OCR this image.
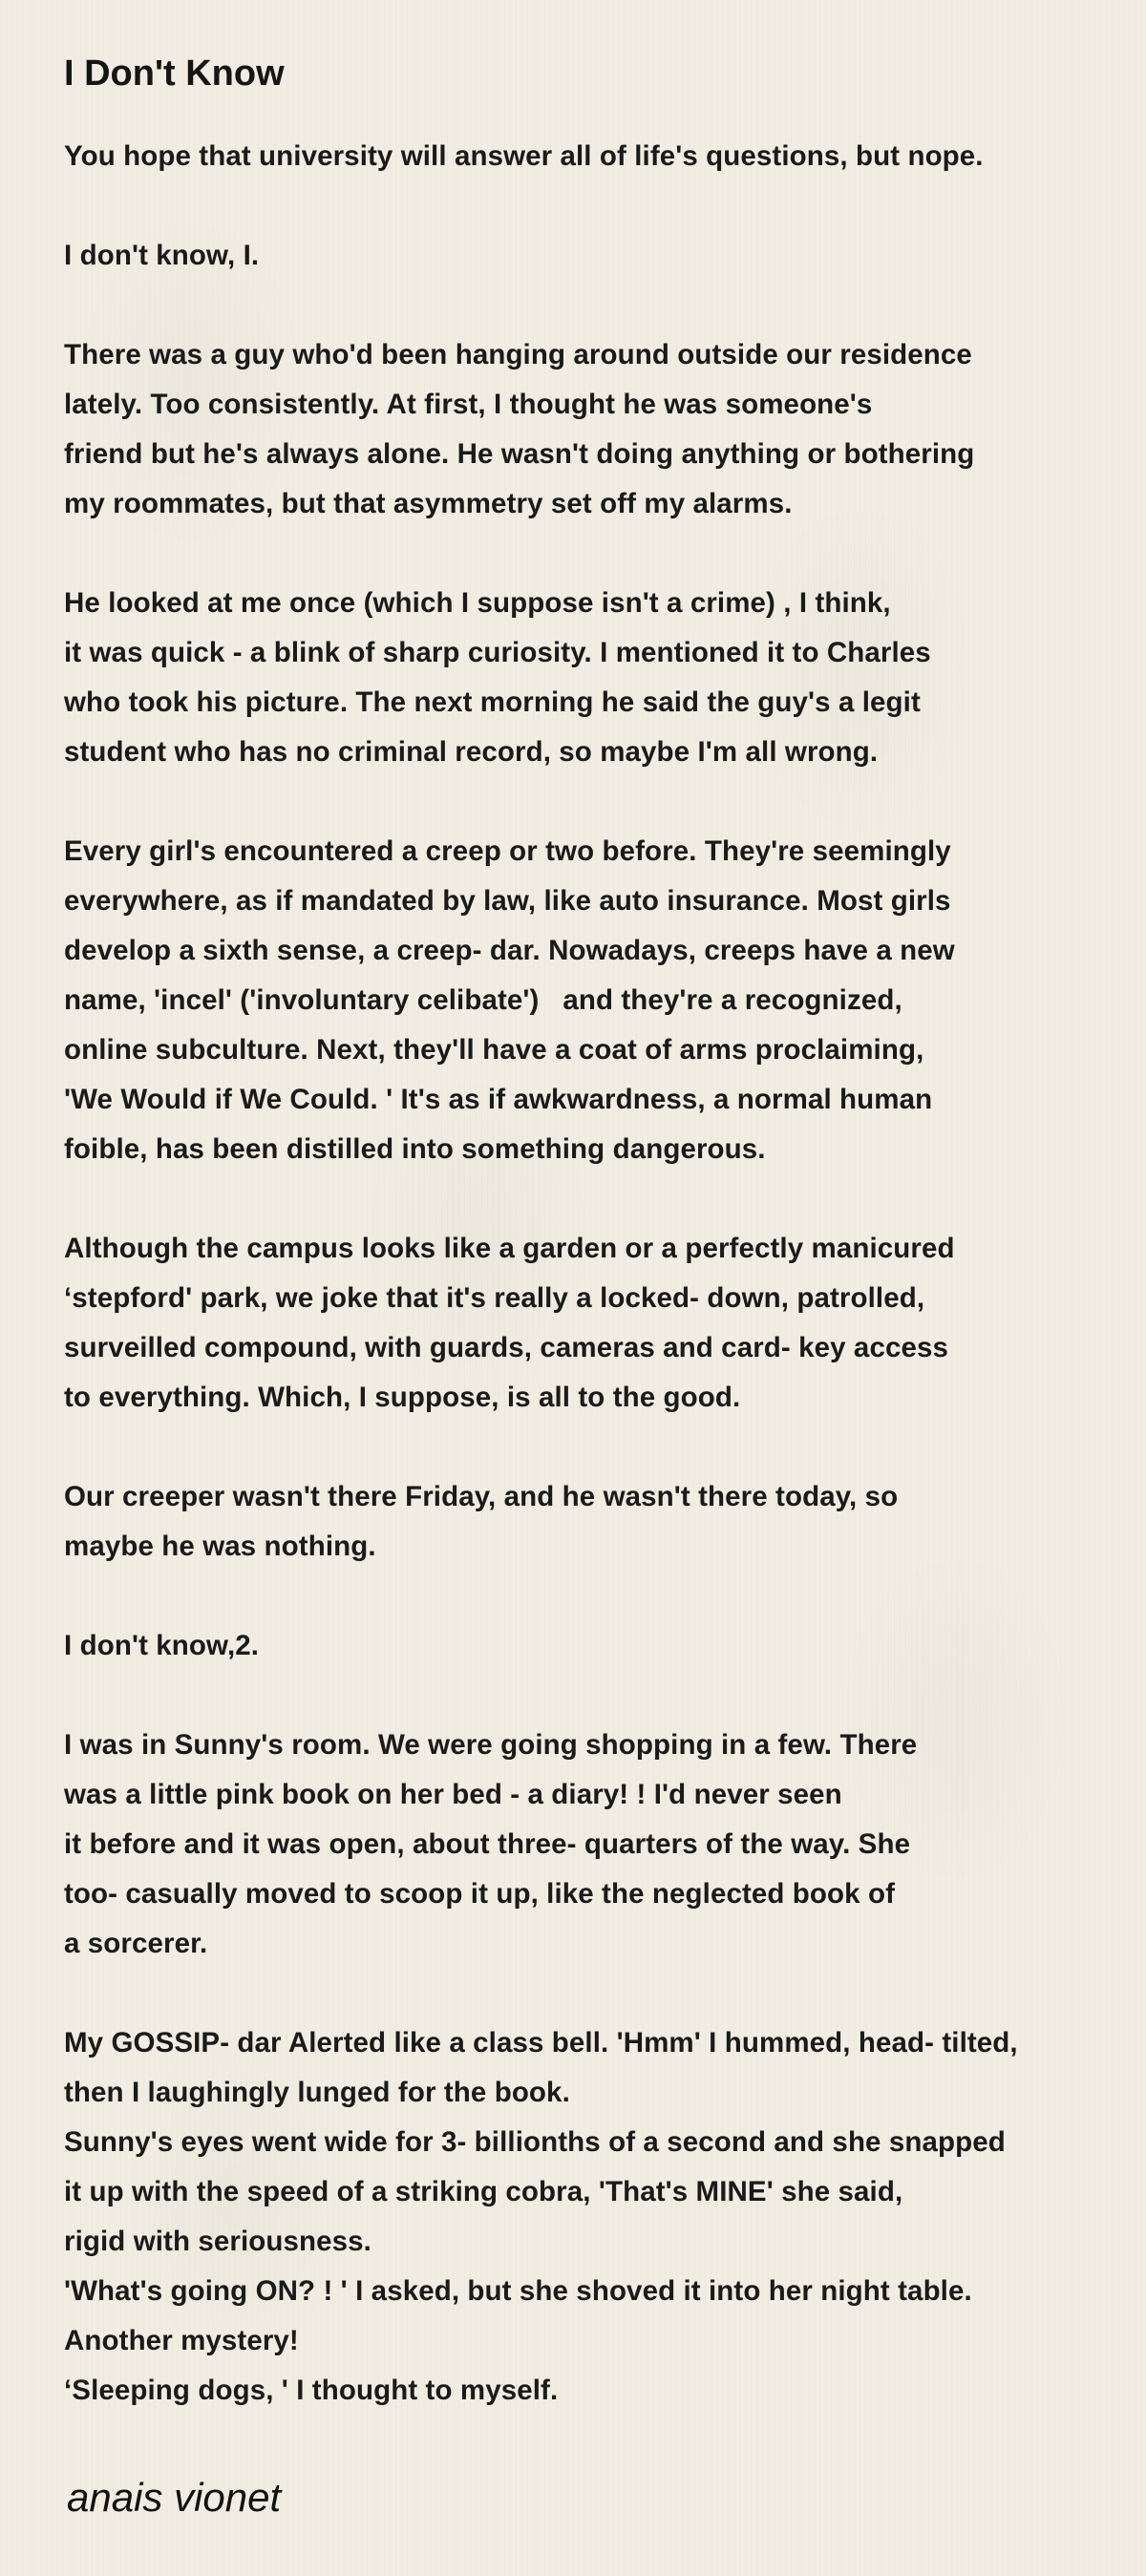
I Don't Know
You hope that university will answer all of life's questions, but nope.
I don't know, I.
There was a guy who'd been hanging around outside our residence
lately. Too consistently. At first, I thought he was someone's
friend but he's always alone. He wasn't doing anything or bothering
my roommates, but that asymmetry set off my alarms.
He looked at me once (which I suppose isn't a crime) , I think,
it was quick - a blink of sharp curiosity. I mentioned it to Charles
who took his picture. The next morning he said the guy's a legit
student who has no criminal record, so maybe I'm all wrong.
Every girl's encountered a creep or two before. They're seemingly
everywhere, as if mandated by law, like auto insurance. Most girls
develop a sixth sense, a creep- dar. Nowadays, creeps have a new
name, 'incel' ('involuntary celibate')   and they're a recognized,
online subculture. Next, they'll have a coat of arms proclaiming,
'We Would if We Could. ' It's as if awkwardness, a normal human
foible, has been distilled into something dangerous.
Although the campus looks like a garden or a perfectly manicured
‘stepford' park, we joke that it's really a locked- down, patrolled,
surveilled compound, with guards, cameras and card- key access
to everything. Which, I suppose, is all to the good.
Our creeper wasn't there Friday, and he wasn't there today, so
maybe he was nothing.
I don't know,2.
I was in Sunny's room. We were going shopping in a few. There
was a little pink book on her bed - a diary! ! I'd never seen
it before and it was open, about three- quarters of the way. She
too- casually moved to scoop it up, like the neglected book of
a sorcerer.
My GOSSIP- dar Alerted like a class bell. 'Hmm' I hummed, head- tilted,
then I laughingly lunged for the book.
Sunny's eyes went wide for 3- billionths of a second and she snapped
it up with the speed of a striking cobra, 'That's MINE' she said,
rigid with seriousness.
'What's going ON? ! ' I asked, but she shoved it into her night table.
Another mystery!
‘Sleeping dogs, ' I thought to myself.
anais vionet
